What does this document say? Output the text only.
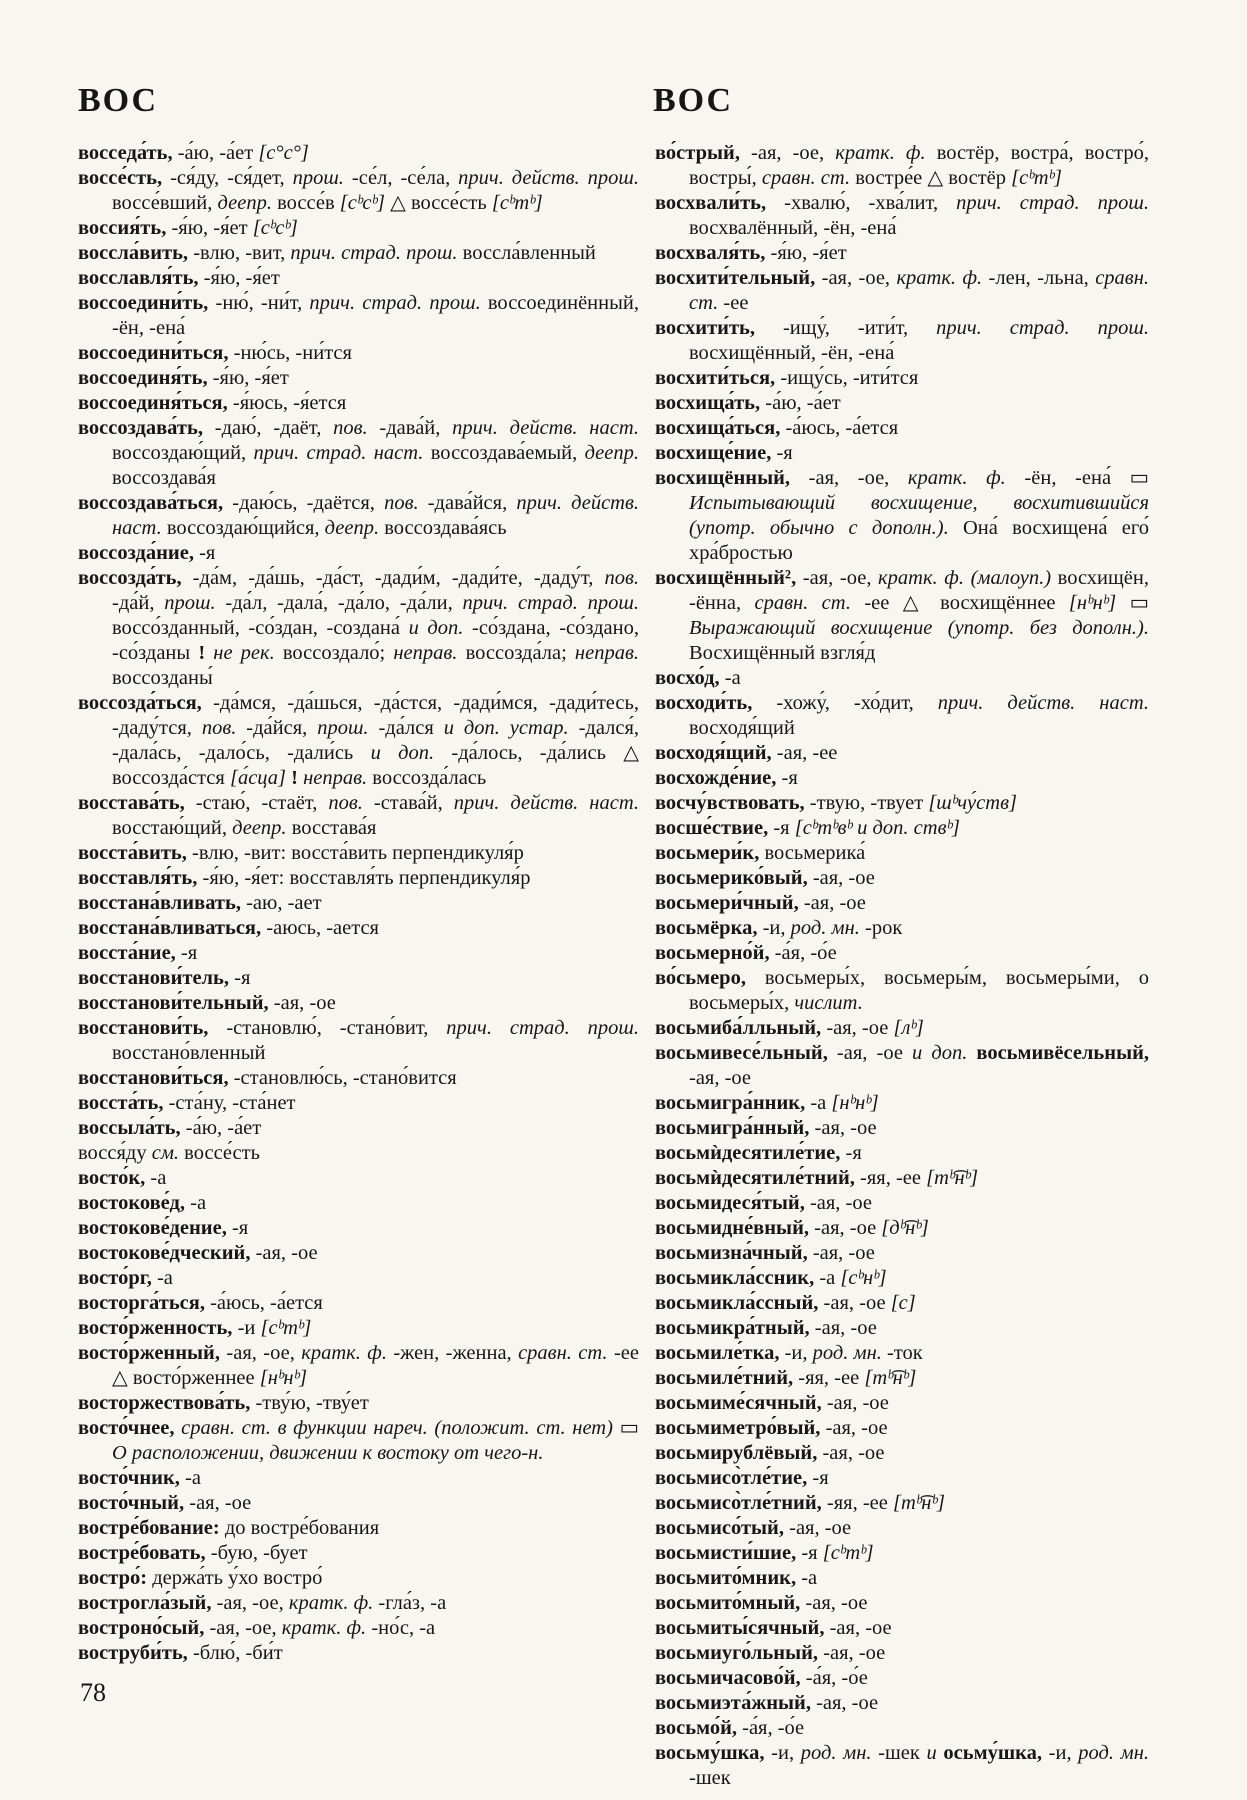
ВОС	ВОС

восседа́ть, -а́ю, -а́ет [с°с°]

воссе́сть, -ся́ду, -ся́дет, прош. -се́л, -се́ла, прич. действ. прош. воссе́вший, деепр. воссе́в [сᵇсᵇ] △ воссе́сть [сᵇтᵇ]

воссия́ть, -я́ю, -я́ет [сᵇсᵇ]

воссла́вить, -влю, -вит, прич. страд. прош. воссла́вленный

восславля́ть, -я́ю, -я́ет

воссоедини́ть, -ню́, -ни́т, прич. страд. прош. воссоединённый, -ён, -ена́

воссоедини́ться, -ню́сь, -ни́тся

воссоединя́ть, -я́ю, -я́ет

воссоединя́ться, -я́юсь, -я́ется

воссоздава́ть, -даю́, -даёт, пов. -дава́й, прич. действ. наст. воссоздаю́щий, прич. страд. наст. воссоздава́емый, деепр. воссоздава́я

воссоздава́ться, -даю́сь, -даётся, пов. -дава́йся, прич. действ. наст. воссоздаю́щийся, деепр. воссоздава́ясь

воссозда́ние, -я

воссозда́ть, -да́м, -да́шь, -да́ст, -дади́м, -дади́те, -даду́т, пов. -да́й, прош. -да́л, -дала́, -да́ло, -да́ли, прич. страд. прош. воссо́зданный, -со́здан, -создана́ и доп. -со́здана, -со́здано, -со́зданы ! не рек. воссоздало́; неправ. воссозда́ла; неправ. воссозданы́

воссозда́ться, -да́мся, -да́шься, -да́стся, -дади́мся, -дади́тесь, -даду́тся, пов. -да́йся, прош. -да́лся и доп. устар. -дался́, -дала́сь, -дало́сь, -дали́сь и доп. -да́лось, -да́лись △ воссозда́стся [а́сца] ! неправ. воссозда́лась

восстава́ть, -стаю́, -стаёт, пов. -става́й, прич. действ. наст. восстаю́щий, деепр. восстава́я

восста́вить, -влю, -вит: восста́вить перпендикуля́р

восставля́ть, -я́ю, -я́ет: восставля́ть перпендикуля́р

восстана́вливать, -аю, -ает

восстана́вливаться, -аюсь, -ается

восста́ние, -я

восстанови́тель, -я

восстанови́тельный, -ая, -ое

восстанови́ть, -становлю́, -стано́вит, прич. страд. прош. восстано́вленный

восстанови́ться, -становлю́сь, -стано́вится

восста́ть, -ста́ну, -ста́нет

воссыла́ть, -а́ю, -а́ет

восся́ду см. воссе́сть

восто́к, -а

востокове́д, -а

востокове́дение, -я

востокове́дческий, -ая, -ое

восто́рг, -а

восторга́ться, -а́юсь, -а́ется

восто́рженность, -и [сᵇтᵇ]

восто́рженный, -ая, -ое, кратк. ф. -жен, -женна, сравн. ст. -ее △ восто́рженнее [нᵇнᵇ]

восторжествова́ть, -тву́ю, -тву́ет

восто́чнее, сравн. ст. в функции нареч. (положит. ст. нет) ▭ О расположении, движении к востоку от чего-н.

восто́чник, -а

восто́чный, -ая, -ое

востре́бование: до востре́бования

востре́бовать, -бую, -бует

востро́: держа́ть у́хо востро́

вострогла́зый, -ая, -ое, кратк. ф. -гла́з, -а

востроно́сый, -ая, -ое, кратк. ф. -но́с, -а

воструби́ть, -блю́, -би́т

во́стрый, -ая, -ое, кратк. ф. востёр, востра́, востро́, востры́, сравн. ст. востре́е △ востёр [сᵇтᵇ]

восхвали́ть, -хвалю́, -хва́лит, прич. страд. прош. восхвалённый, -ён, -ена́

восхваля́ть, -я́ю, -я́ет

восхити́тельный, -ая, -ое, кратк. ф. -лен, -льна, сравн. ст. -ее

восхити́ть, -ищу́, -ити́т, прич. страд. прош. восхищённый, -ён, -ена́

восхити́ться, -ищу́сь, -ити́тся

восхища́ть, -а́ю, -а́ет

восхища́ться, -а́юсь, -а́ется

восхище́ние, -я

восхищённый, -ая, -ое, кратк. ф. -ён, -ена́ ▭ Испытывающий восхищение, восхитившийся (употр. обычно с дополн.). Она́ восхищена́ его́ хра́бростью

восхищённый², -ая, -ое, кратк. ф. (малоуп.) восхищён, -ённа, сравн. ст. -ее △ восхищённее [нᵇнᵇ] ▭ Выражающий восхищение (употр. без дополн.). Восхищённый взгля́д

восхо́д, -а

восходи́ть, -хожу́, -хо́дит, прич. действ. наст. восходя́щий

восходя́щий, -ая, -ее

восхожде́ние, -я

восчу́вствовать, -твую, -твует [шᵇчу́ств]

восше́ствие, -я [сᵇтᵇвᵇ и доп. ствᵇ]

восьмери́к, восьмерика́

восьмерико́вый, -ая, -ое

восьмери́чный, -ая, -ое

восьмёрка, -и, род. мн. -рок

восьмерно́й, -а́я, -о́е

во́сьмеро, восьмеры́х, восьмеры́м, восьмеры́ми, о восьмеры́х, числит.

восьмиба́лльный, -ая, -ое [лᵇ]

восьмивесе́льный, -ая, -ое и доп. восьмивёсельный, -ая, -ое

восьмигра́нник, -а [нᵇнᵇ]

восьмигра́нный, -ая, -ое

восьмѝдесятиле́тие, -я

восьмѝдесятиле́тний, -яя, -ее [тᵇ͡нᵇ]

восьмидеся́тый, -ая, -ое

восьмидне́вный, -ая, -ое [дᵇ͡нᵇ]

восьмизна́чный, -ая, -ое

восьмикла́ссник, -а [сᵇнᵇ]

восьмикла́ссный, -ая, -ое [с]

восьмикра́тный, -ая, -ое

восьмиле́тка, -и, род. мн. -ток

восьмиле́тний, -яя, -ее [тᵇ͡нᵇ]

восьмиме́сячный, -ая, -ое

восьмиметро́вый, -ая, -ое

восьмирублёвый, -ая, -ое

восьмисо̀тле́тие, -я

восьмисо̀тле́тний, -яя, -ее [тᵇ͡нᵇ]

восьмисо́тый, -ая, -ое

восьмисти́шие, -я [сᵇтᵇ]

восьмито́мник, -а

восьмито́мный, -ая, -ое

восьмиты́сячный, -ая, -ое

восьмиуго́льный, -ая, -ое

восьмичасово́й, -а́я, -о́е

восьмиэта́жный, -ая, -ое

восьмо́й, -а́я, -о́е

восьму́шка, -и, род. мн. -шек и осьму́шка, -и, род. мн. -шек

78
